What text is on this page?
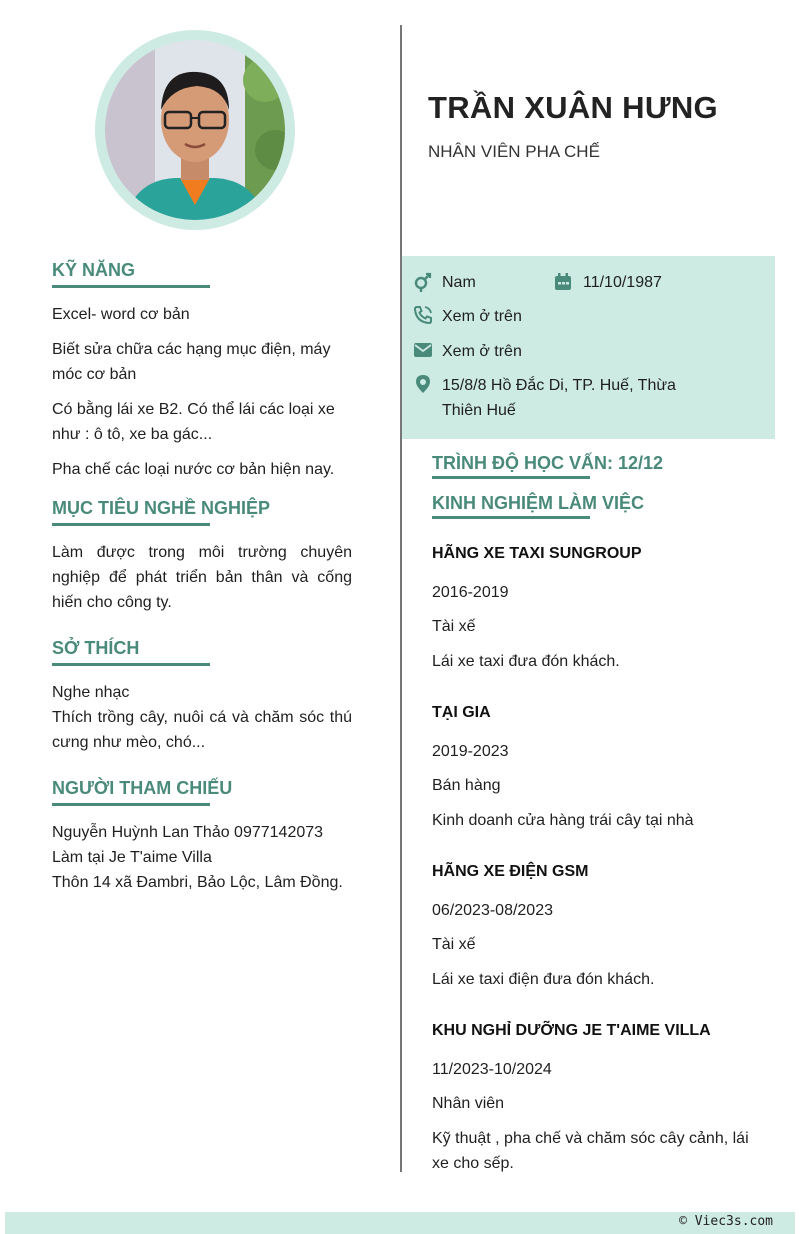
KỸ NĂNG

Excel- word cơ bản

Biết sửa chữa các hạng mục điện, máy móc cơ bản

Có bằng lái xe B2. Có thể lái các loại xe như : ô tô, xe ba gác...

Pha chế các loại nước cơ bản hiện nay.

MỤC TIÊU NGHỀ NGHIỆP
Làm được trong môi trường chuyên nghiệp để phát triển bản thân và cống hiến cho công ty.
SỞ THÍCH
Nghe nhạc
Thích trồng cây, nuôi cá và chăm sóc thú cưng như mèo, chó...
NGƯỜI THAM CHIẾU
Nguyễn Huỳnh Lan Thảo 0977142073
Làm tại Je T'aime Villa
Thôn 14 xã Đambri, Bảo Lộc, Lâm Đồng.
TRẦN XUÂN HƯNG
NHÂN VIÊN PHA CHẾ
Nam	11/10/1987
Xem ở trên
Xem ở trên
15/8/8 Hồ Đắc Di, TP. Huế, Thừa
Thiên Huế
TRÌNH ĐỘ HỌC VẤN: 12/12
KINH NGHIỆM LÀM VIỆC
HÃNG XE TAXI SUNGROUP
2016-2019
Tài xế
Lái xe taxi đưa đón khách.
TẠI GIA
2019-2023
Bán hàng
Kinh doanh cửa hàng trái cây tại nhà
HÃNG XE ĐIỆN GSM
06/2023-08/2023
Tài xế
Lái xe taxi điện đưa đón khách.
KHU NGHỈ DƯỠNG JE T'AIME VILLA
11/2023-10/2024
Nhân viên
Kỹ thuật , pha chế và chăm sóc cây cảnh, lái xe cho sếp.
© Viec3s.com
